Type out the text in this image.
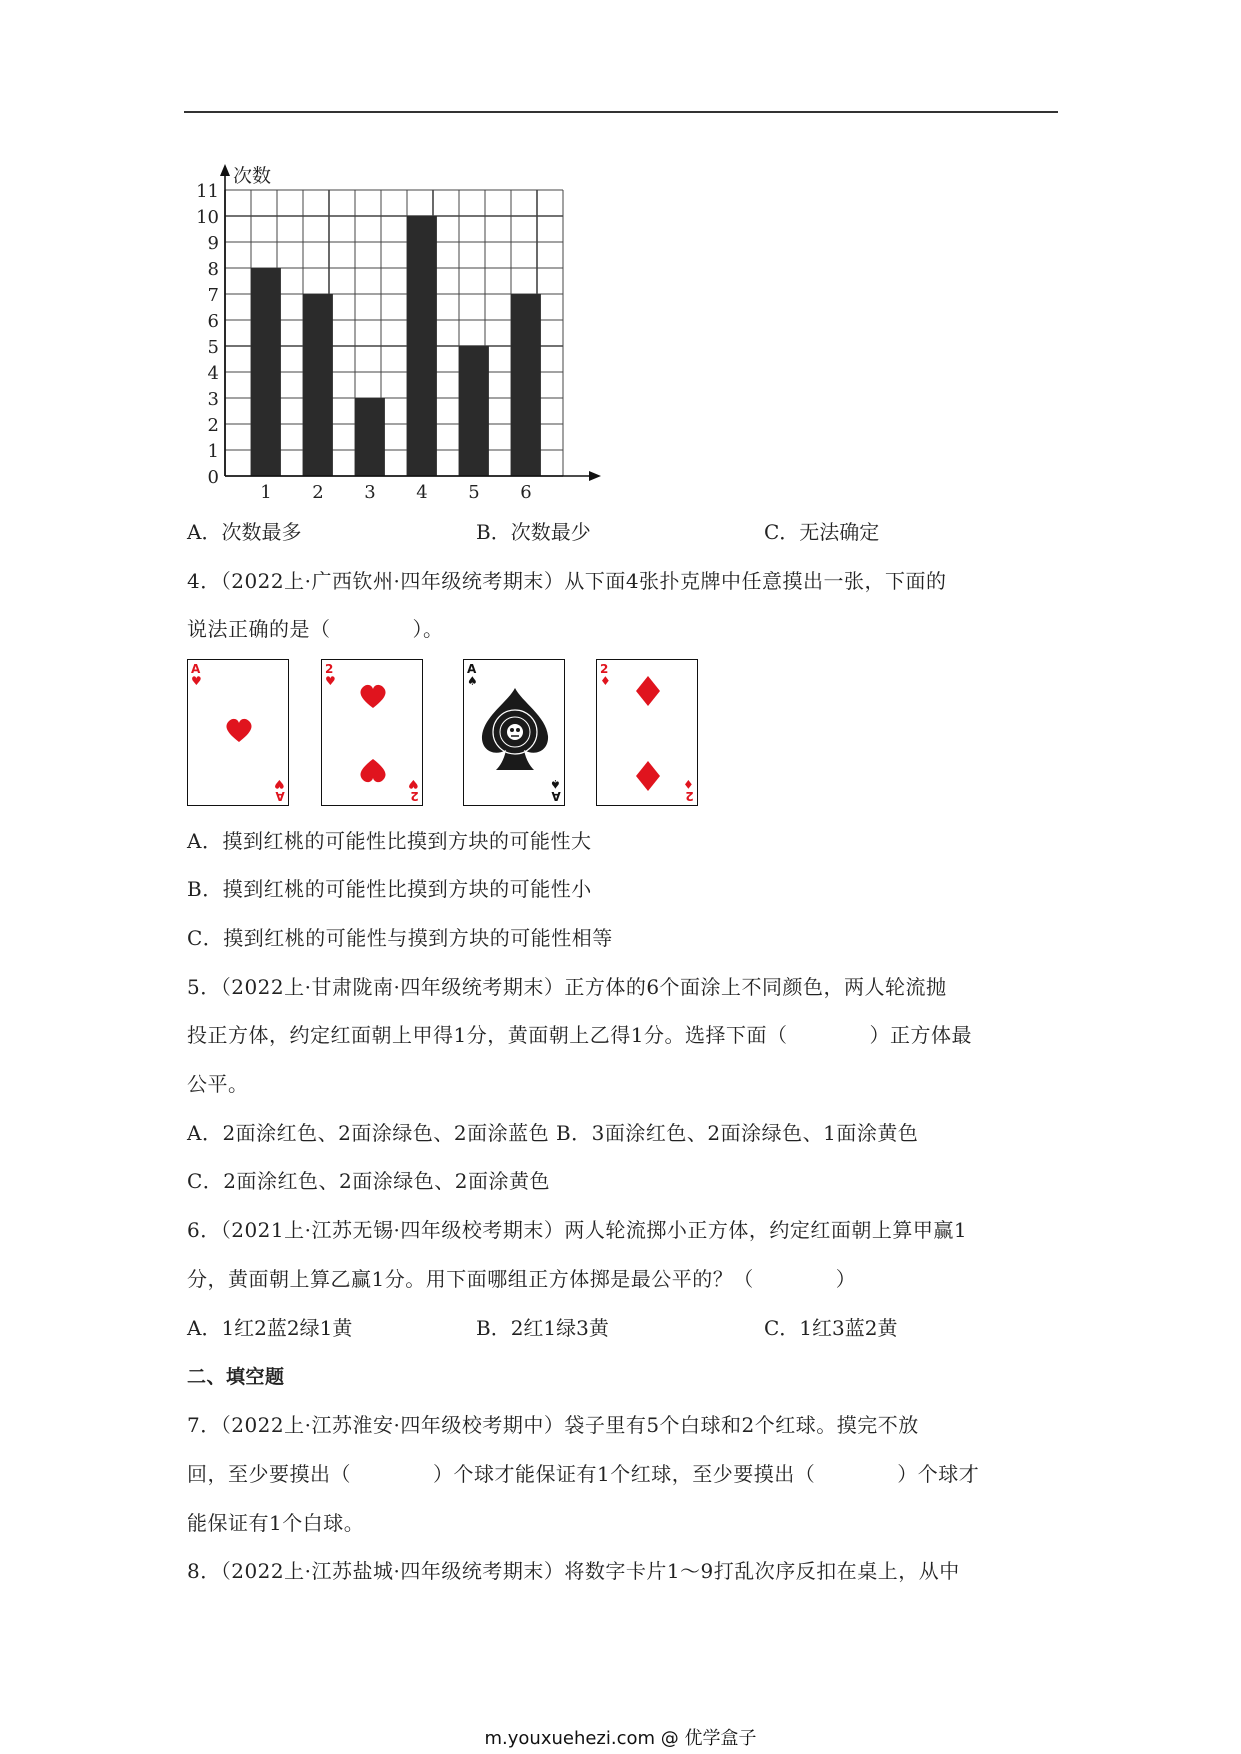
1 2 3 4 5 6
0
1
2
3
4
5
6
7
8
9
10
11
次数
A．次数最多	B．次数最少	C．无法确定
4．（2022上·广西钦州·四年级统考期末）从下面4张扑克牌中任意摸出一张，下面的
说法正确的是（　　　　）。
A
♥
A
♥
2
♥
2
♥
A
♠
A
♠
2
♦
2
♦
A．摸到红桃的可能性比摸到方块的可能性大
B．摸到红桃的可能性比摸到方块的可能性小
C．摸到红桃的可能性与摸到方块的可能性相等
5．（2022上·甘肃陇南·四年级统考期末）正方体的6个面涂上不同颜色，两人轮流抛
投正方体，约定红面朝上甲得1分，黄面朝上乙得1分。选择下面（　　　　）正方体最
公平。
A．2面涂红色、2面涂绿色、2面涂蓝色 B．3面涂红色、2面涂绿色、1面涂黄色
C．2面涂红色、2面涂绿色、2面涂黄色
6．（2021上·江苏无锡·四年级校考期末）两人轮流掷小正方体，约定红面朝上算甲赢1
分，黄面朝上算乙赢1分。用下面哪组正方体掷是最公平的？（　　　　）
A．1红2蓝2绿1黄	B．2红1绿3黄	C．1红3蓝2黄
二、填空题
7．（2022上·江苏淮安·四年级校考期中）袋子里有5个白球和2个红球。摸完不放
回，至少要摸出（　　　　）个球才能保证有1个红球，至少要摸出（　　　　）个球才
能保证有1个白球。
8．（2022上·江苏盐城·四年级统考期末）将数字卡片1～9打乱次序反扣在桌上，从中
m.youxuehezi.com @ 优学盒子
